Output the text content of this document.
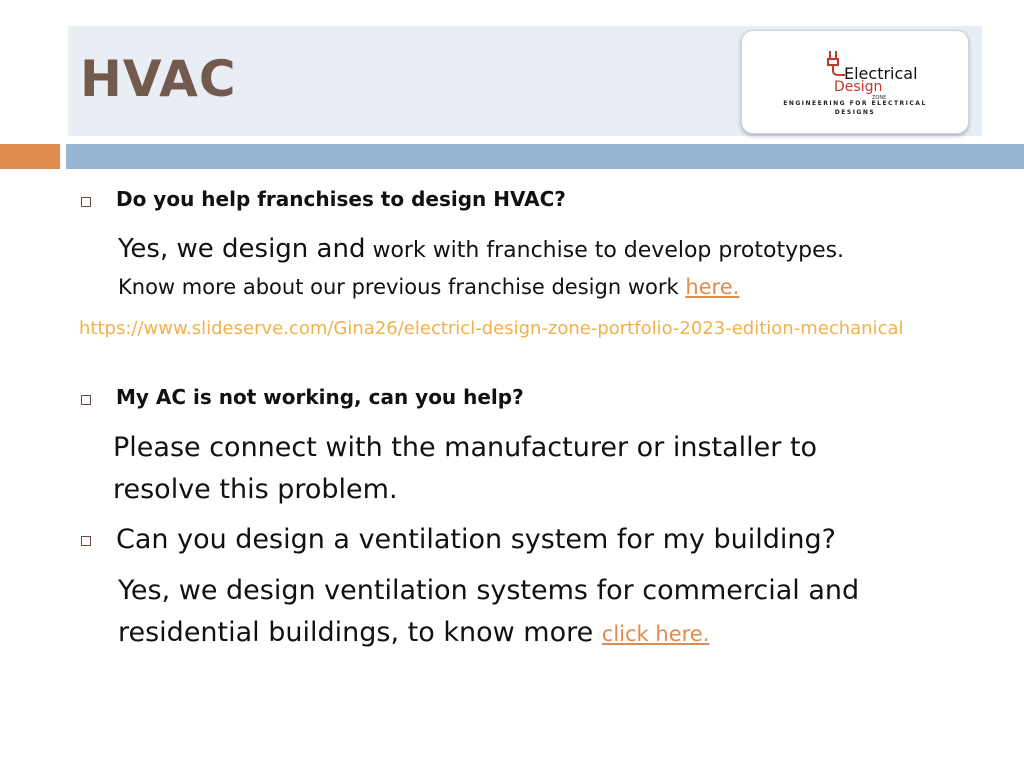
HVAC	Electrical
Design
ZONE
ENGINEERING FOR ELECTRICAL
DESIGNS
Do you help franchises to design HVAC?
Yes, we design and work with franchise to develop prototypes.
Know more about our previous franchise design work here.
https://www.slideserve.com/Gina26/electricl-design-zone-portfolio-2023-edition-mechanical
My AC is not working, can you help?
Please connect with the manufacturer or installer to
resolve this problem.
Can you design a ventilation system for my building?
Yes, we design ventilation systems for commercial and
residential buildings, to know more click here.
